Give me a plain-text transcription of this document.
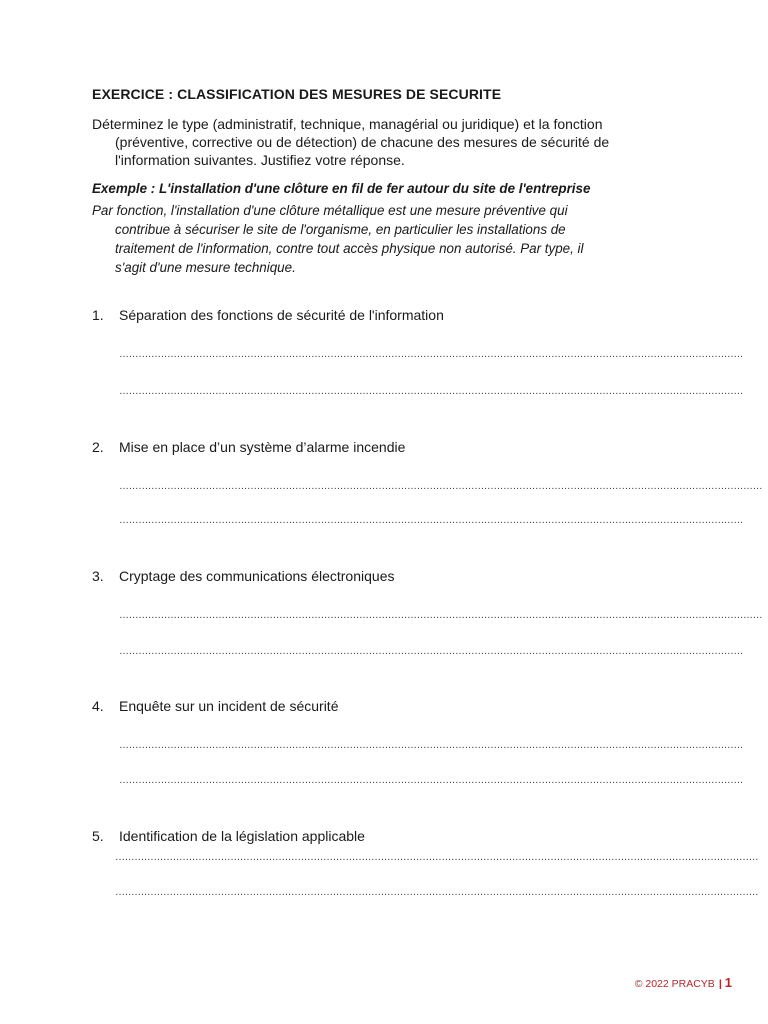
EXERCICE : CLASSIFICATION DES MESURES DE SECURITE
Déterminez le type (administratif, technique, managérial ou juridique) et la fonction
(préventive, corrective ou de détection) de chacune des mesures de sécurité de
l'information suivantes. Justifiez votre réponse.
Exemple : L'installation d'une clôture en fil de fer autour du site de l'entreprise
Par fonction, l'installation d'une clôture métallique est une mesure préventive qui
contribue à sécuriser le site de l'organisme, en particulier les installations de
traitement de l'information, contre tout accès physique non autorisé. Par type, il
s'agit d'une mesure technique.
1. Séparation des fonctions de sécurité de l'information
……………………………………………………………………………………………………………………………………………………………………………
……………………………………………………………………………………………………………………………………………………………………………
2. Mise en place d’un système d’alarme incendie
…………………………………………………………………………………………………………………………………………………………………………………
……………………………………………………………………………………………………………………………………………………………………………
3. Cryptage des communications électroniques
…………………………………………………………………………………………………………………………………………………………………………………
……………………………………………………………………………………………………………………………………………………………………………
4. Enquête sur un incident de sécurité
……………………………………………………………………………………………………………………………………………………………………………
……………………………………………………………………………………………………………………………………………………………………………
5. Identification de la législation applicable
…………………………………………………………………………………………………………………………………………………………………………………
…………………………………………………………………………………………………………………………………………………………………………………
© 2022 PRACYB | 1
